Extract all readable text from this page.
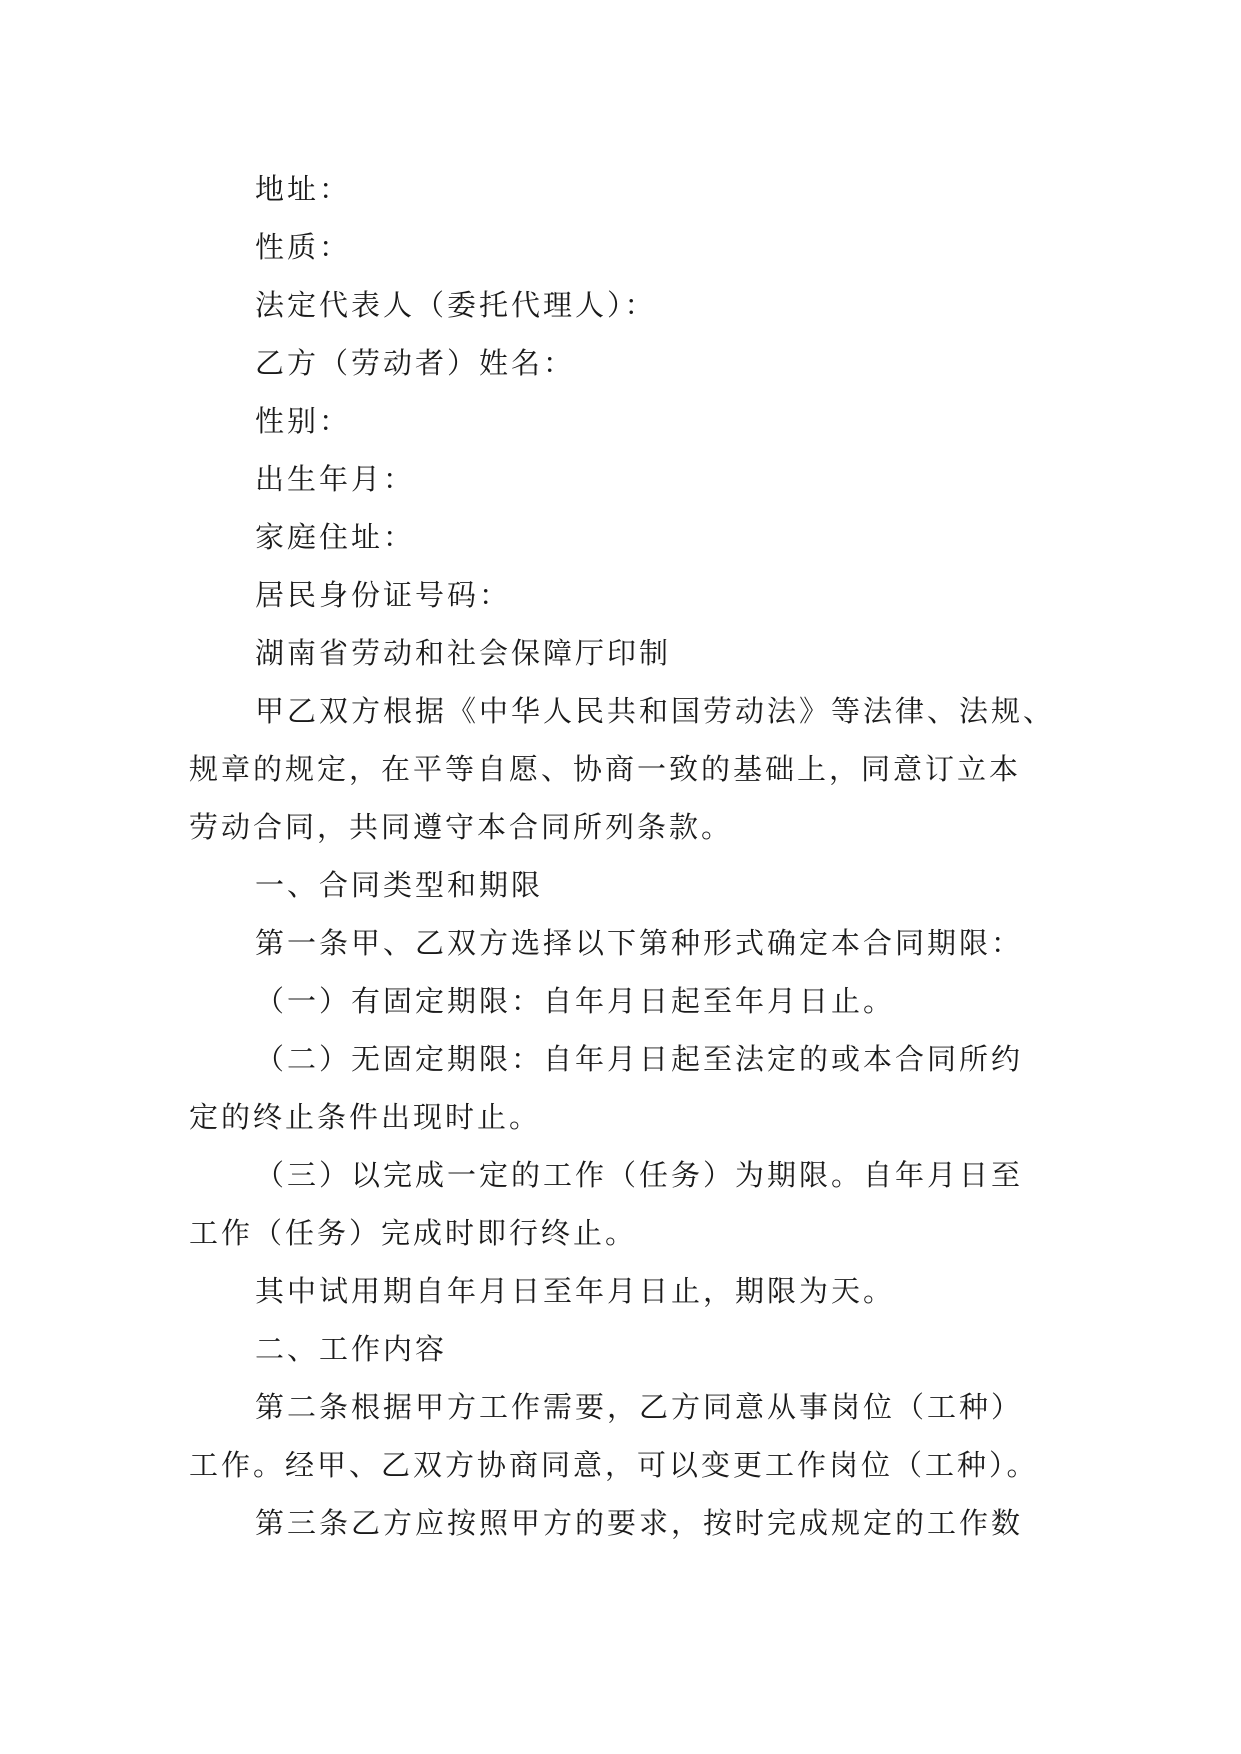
地址：
性质：
法定代表人（委托代理人）：
乙方（劳动者）姓名：
性别：
出生年月：
家庭住址：
居民身份证号码：
湖南省劳动和社会保障厅印制
甲乙双方根据《中华人民共和国劳动法》等法律、法规、
规章的规定，在平等自愿、协商一致的基础上，同意订立本
劳动合同，共同遵守本合同所列条款。
一、合同类型和期限
第一条甲、乙双方选择以下第种形式确定本合同期限：
（一）有固定期限：自年月日起至年月日止。
（二）无固定期限：自年月日起至法定的或本合同所约
定的终止条件出现时止。
（三）以完成一定的工作（任务）为期限。自年月日至
工作（任务）完成时即行终止。
其中试用期自年月日至年月日止，期限为天。
二、工作内容
第二条根据甲方工作需要，乙方同意从事岗位（工种）
工作。经甲、乙双方协商同意，可以变更工作岗位（工种）。
第三条乙方应按照甲方的要求，按时完成规定的工作数
